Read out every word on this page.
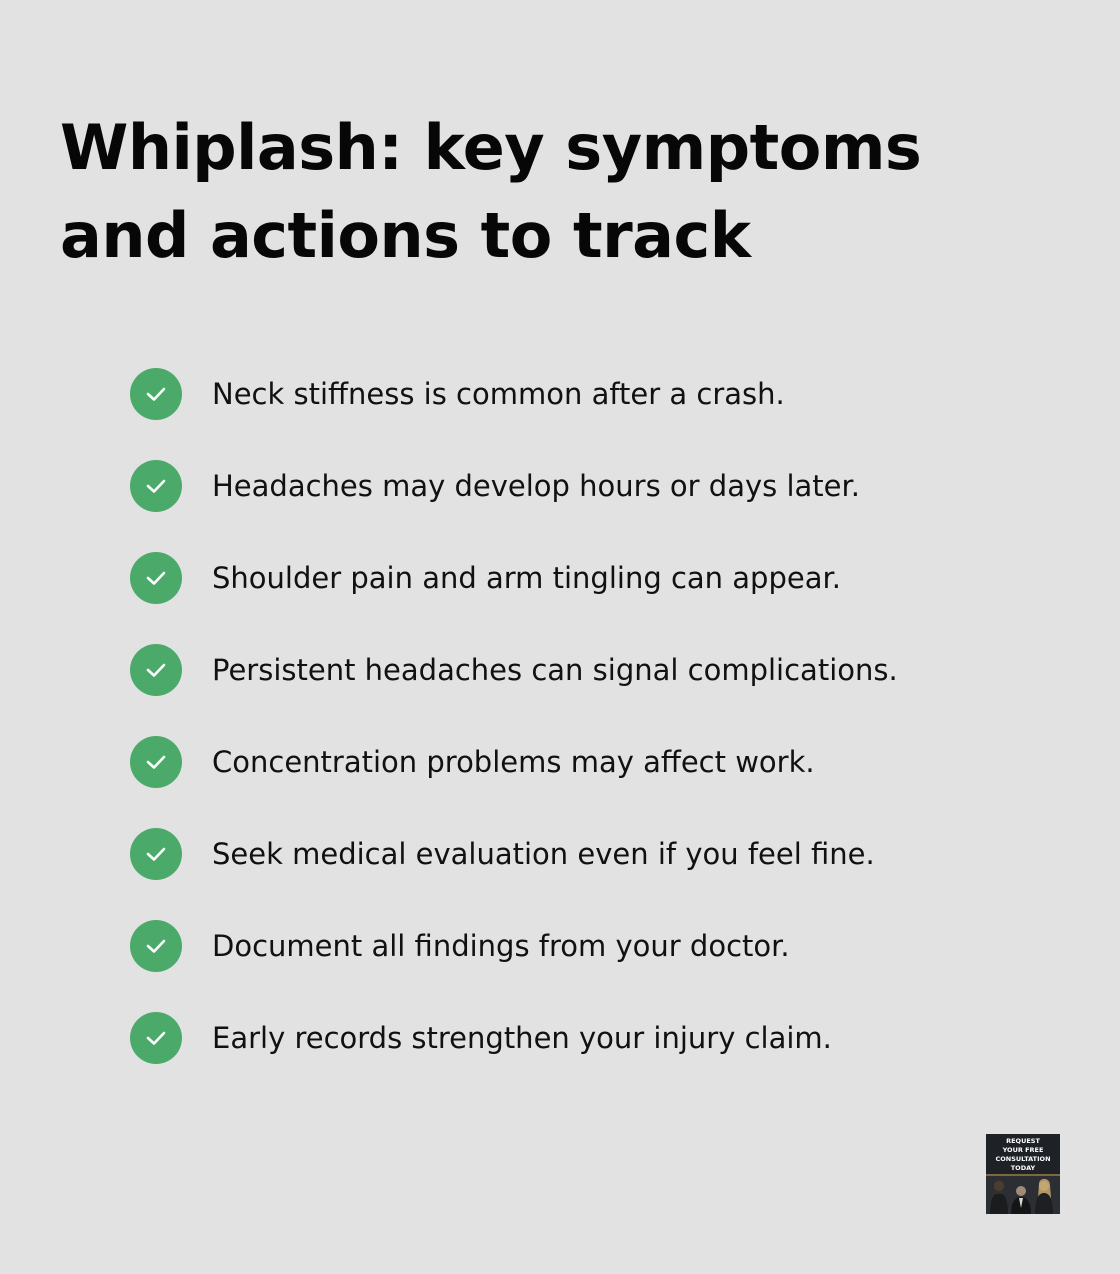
Whiplash: key symptoms and actions to track
Neck stiffness is common after a crash.
Headaches may develop hours or days later.
Shoulder pain and arm tingling can appear.
Persistent headaches can signal complications.
Concentration problems may affect work.
Seek medical evaluation even if you feel fine.
Document all findings from your doctor.
Early records strengthen your injury claim.
REQUEST
YOUR FREE
CONSULTATION
TODAY
